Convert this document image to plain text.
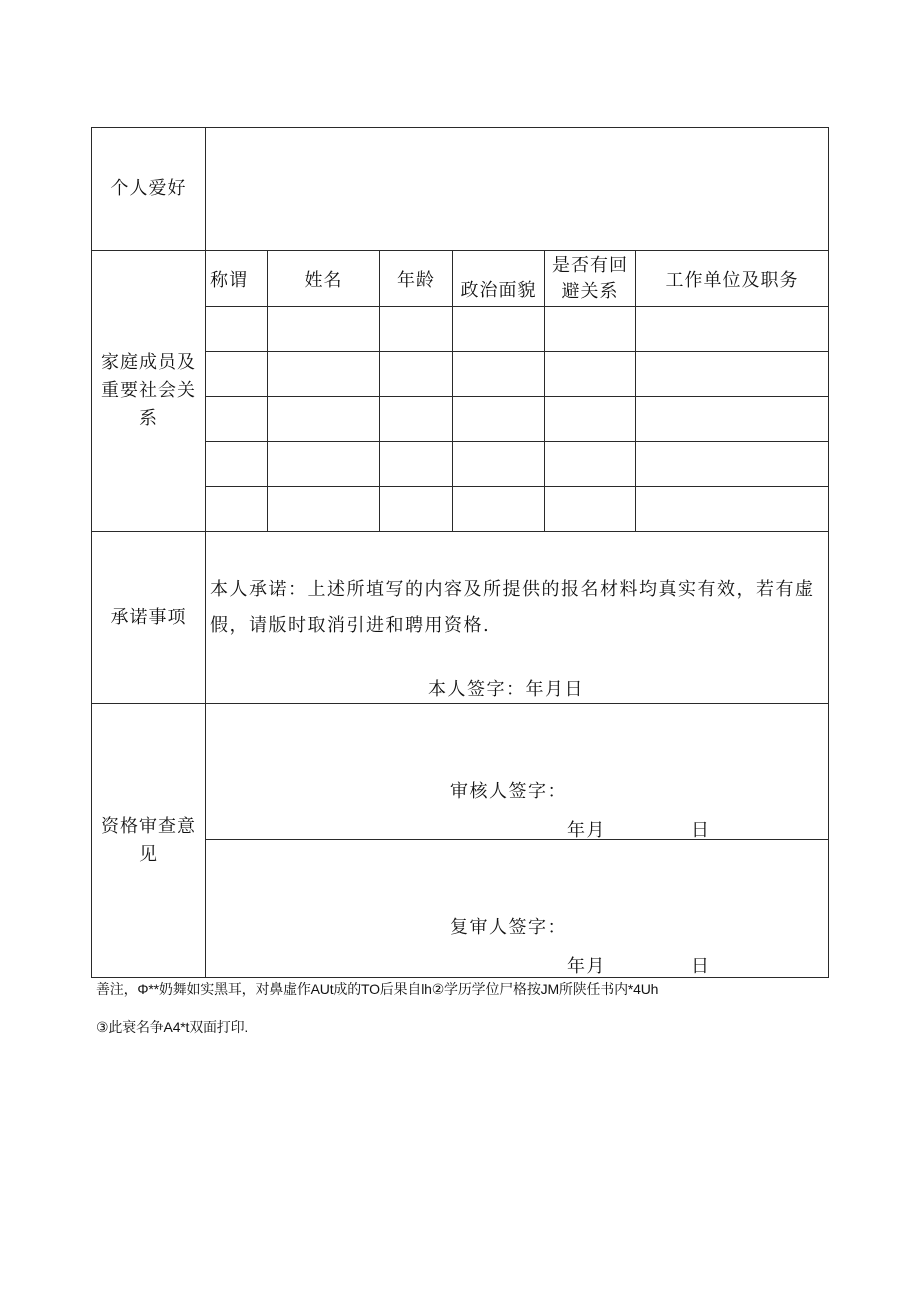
个人爱好						
家庭成员及重要社会关系	称谓	姓名	年龄	政治面貌	是否有回避关系	工作单位及职务

承诺事项	本人承诺：上述所埴写的内容及所提供的报名材料均真实有效，若有虚假，请版时取消引进和聘用资格.
本人签字：年月日					

资格审查意见	审核人签字：
年月 日					

	复审人签字：
年月 日					
善注，Φ**奶舞如实黑耳，对鼻虛作AUt成的TO后果自lh②学历学位尸格按JM所陕任书内*4Uh
③此衰名争A4*t双面打印.
